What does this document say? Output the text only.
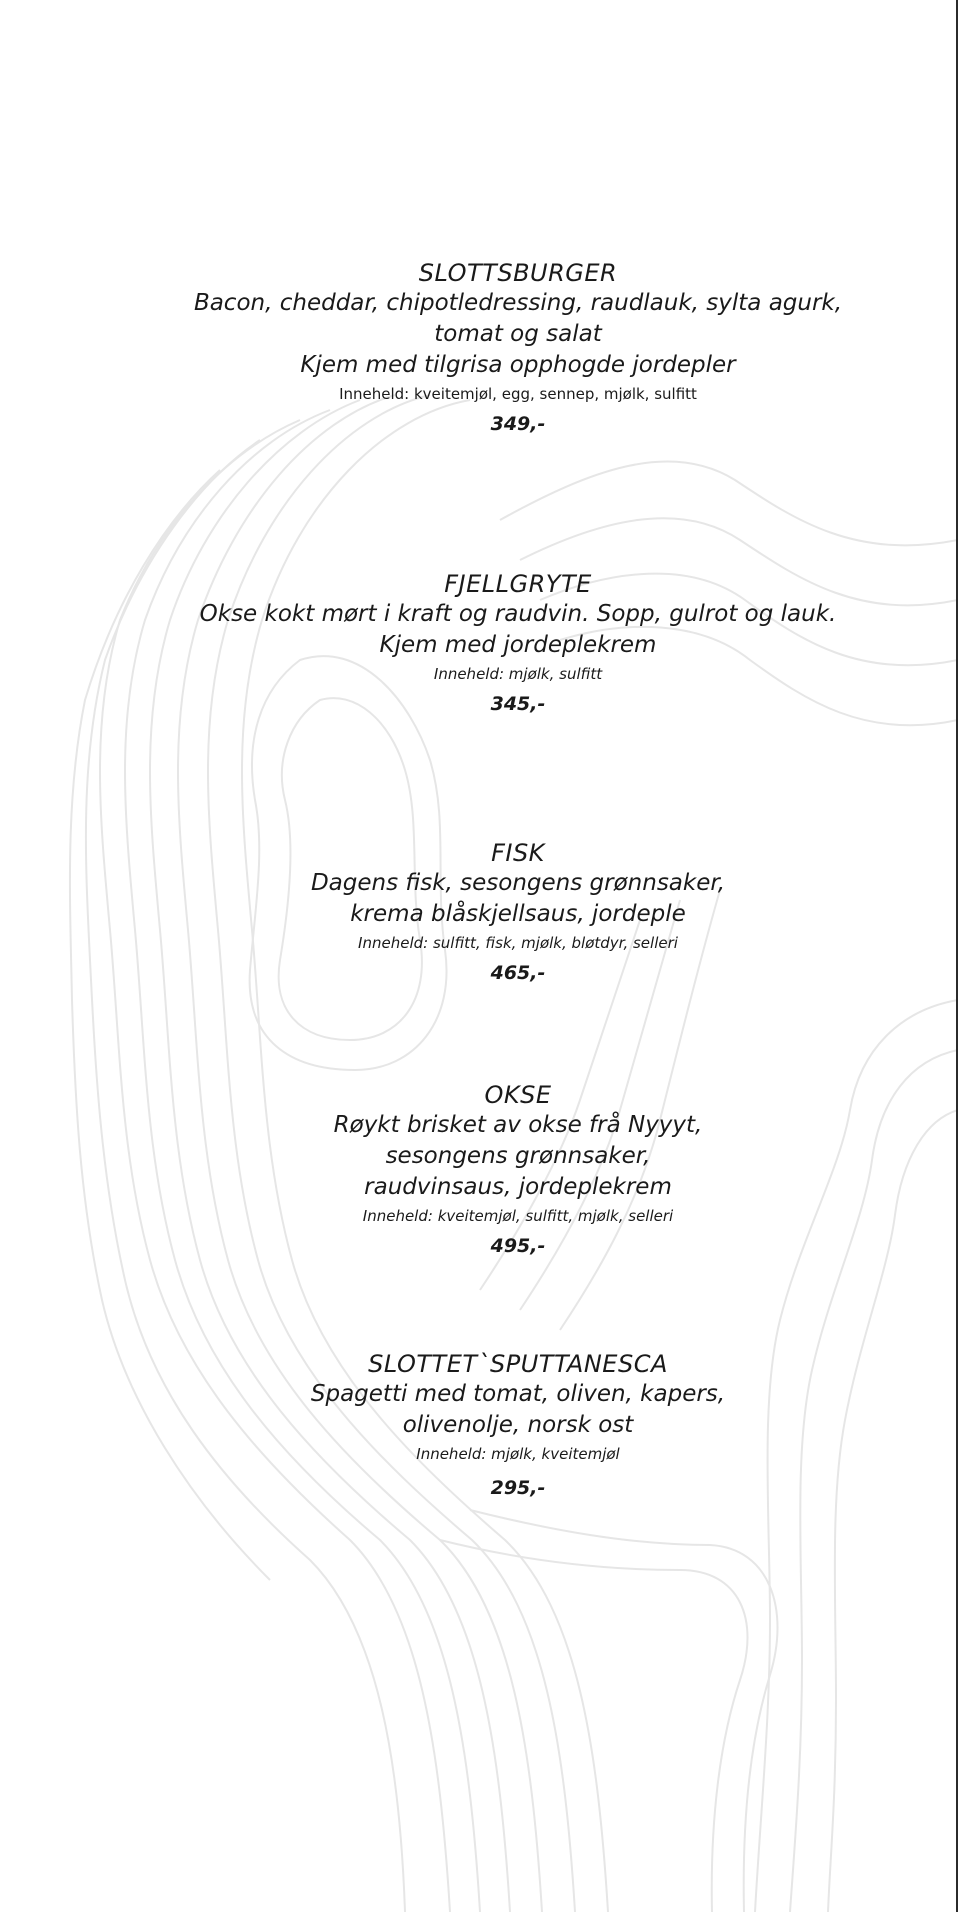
SLOTTSBURGER

Bacon, cheddar, chipotledressing, raudlauk, sylta agurk,

tomat og salat

Kjem med tilgrisa opphogde jordepler

Inneheld: kveitemjøl, egg, sennep, mjølk, sulfitt

349,-

FJELLGRYTE

Okse kokt mørt i kraft og raudvin. Sopp, gulrot og lauk.

Kjem med jordeplekrem

Inneheld: mjølk, sulfitt

345,-

FISK

Dagens fisk, sesongens grønnsaker,

krema blåskjellsaus, jordeple

Inneheld: sulfitt, fisk, mjølk, bløtdyr, selleri

465,-

OKSE

Røykt brisket av okse frå Nyyyt,

sesongens grønnsaker,

raudvinsaus, jordeplekrem

Inneheld: kveitemjøl, sulfitt, mjølk, selleri

495,-

SLOTTET`SPUTTANESCA

Spagetti med tomat, oliven, kapers,

olivenolje, norsk ost

Inneheld: mjølk, kveitemjøl

295,-
